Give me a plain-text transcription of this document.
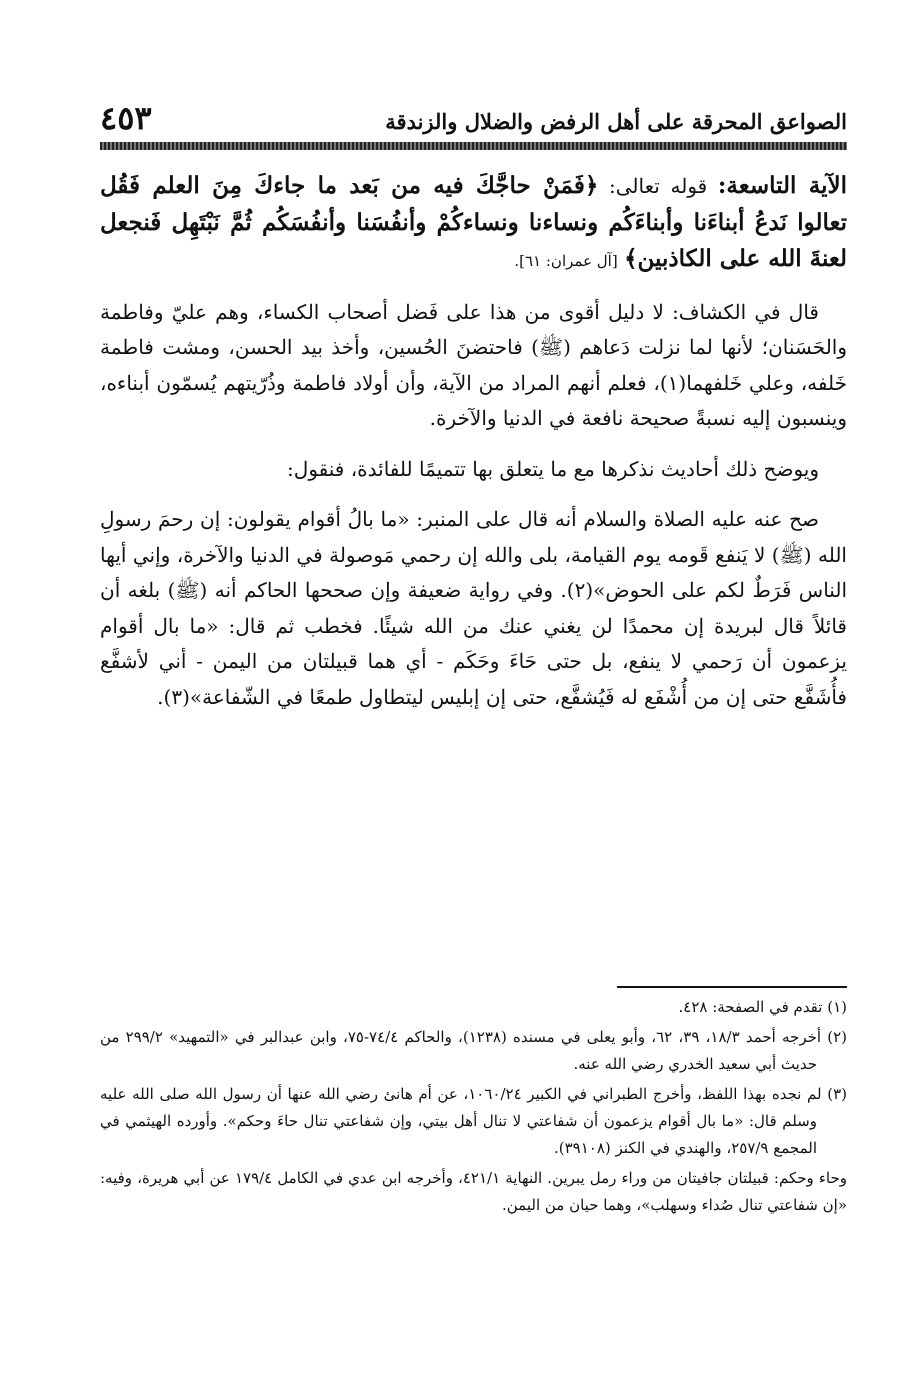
الصواعق المحرقة على أهل الرفض والضلال والزندقة
٤٥٣

الآية التاسعة: قوله تعالى: ﴿فَمَنْ حاجَّكَ فيه من بَعد ما جاءكَ مِنَ العلم فَقُل تعالوا نَدعُ أبناءَنا وأبناءَكُم ونساءنا ونساءكُمْ وأنفُسَنا وأنفُسَكُم ثُمَّ نَبْتَهِل فَنجعل لعنةَ الله على الكاذبين﴾ [آل عمران: ٦١].

قال في الكشاف: لا دليل أقوى من هذا على فَضل أصحاب الكساء، وهم عليّ وفاطمة والحَسَنان؛ لأنها لما نزلت دَعاهم (ﷺ) فاحتضنَ الحُسين، وأخذ بيد الحسن، ومشت فاطمة خَلفه، وعلي خَلفهما(١)، فعلم أنهم المراد من الآية، وأن أولاد فاطمة وذُرّيتهم يُسمّون أبناءه، وينسبون إليه نسبةً صحيحة نافعة في الدنيا والآخرة.

ويوضح ذلك أحاديث نذكرها مع ما يتعلق بها تتميمًا للفائدة، فنقول:

صح عنه عليه الصلاة والسلام أنه قال على المنبر: «ما بالُ أقوام يقولون: إن رحمَ رسولِ الله (ﷺ) لا يَنفع قَومه يوم القيامة، بلى والله إن رحمي مَوصولة في الدنيا والآخرة، وإني أيها الناس فَرَطٌ لكم على الحوض»(٢). وفي رواية ضعيفة وإن صححها الحاكم أنه (ﷺ) بلغه أن قائلاً قال لبريدة إن محمدًا لن يغني عنك من الله شيئًا. فخطب ثم قال: «ما بال أقوام يزعمون أن رَحمي لا ينفع، بل حتى حَاءَ وحَكَم - أي هما قبيلتان من اليمن - أني لأشفَّع فأُشَفَّع حتى إن من أُشْفَع له فَيُشفَّع، حتى إن إبليس ليتطاول طمعًا في الشّفاعة»(٣).

(١) تقدم في الصفحة: ٤٢٨.

(٢) أخرجه أحمد ١٨/٣، ٣٩، ٦٢، وأبو يعلى في مسنده (١٢٣٨)، والحاكم ٧٤/٤-٧٥، وابن عبدالبر في «التمهيد» ٢٩٩/٢ من حديث أبي سعيد الخدري رضي الله عنه.

(٣) لم نجده بهذا اللفظ، وأخرج الطبراني في الكبير ١٠٦٠/٢٤، عن أم هانئ رضي الله عنها أن رسول الله صلى الله عليه وسلم قال: «ما بال أقوام يزعمون أن شفاعتي لا تنال أهل بيتي، وإن شفاعتي تنال حاءَ وحكم». وأورده الهيثمي في المجمع ٢٥٧/٩، والهندي في الكنز (٣٩١٠٨).

وحاء وحكم: قبيلتان جافيتان من وراء رمل يبرين. النهاية ٤٢١/١، وأخرجه ابن عدي في الكامل ١٧٩/٤ عن أبي هريرة، وفيه: «إن شفاعتي تنال صُداء وسهلب»، وهما حيان من اليمن.
